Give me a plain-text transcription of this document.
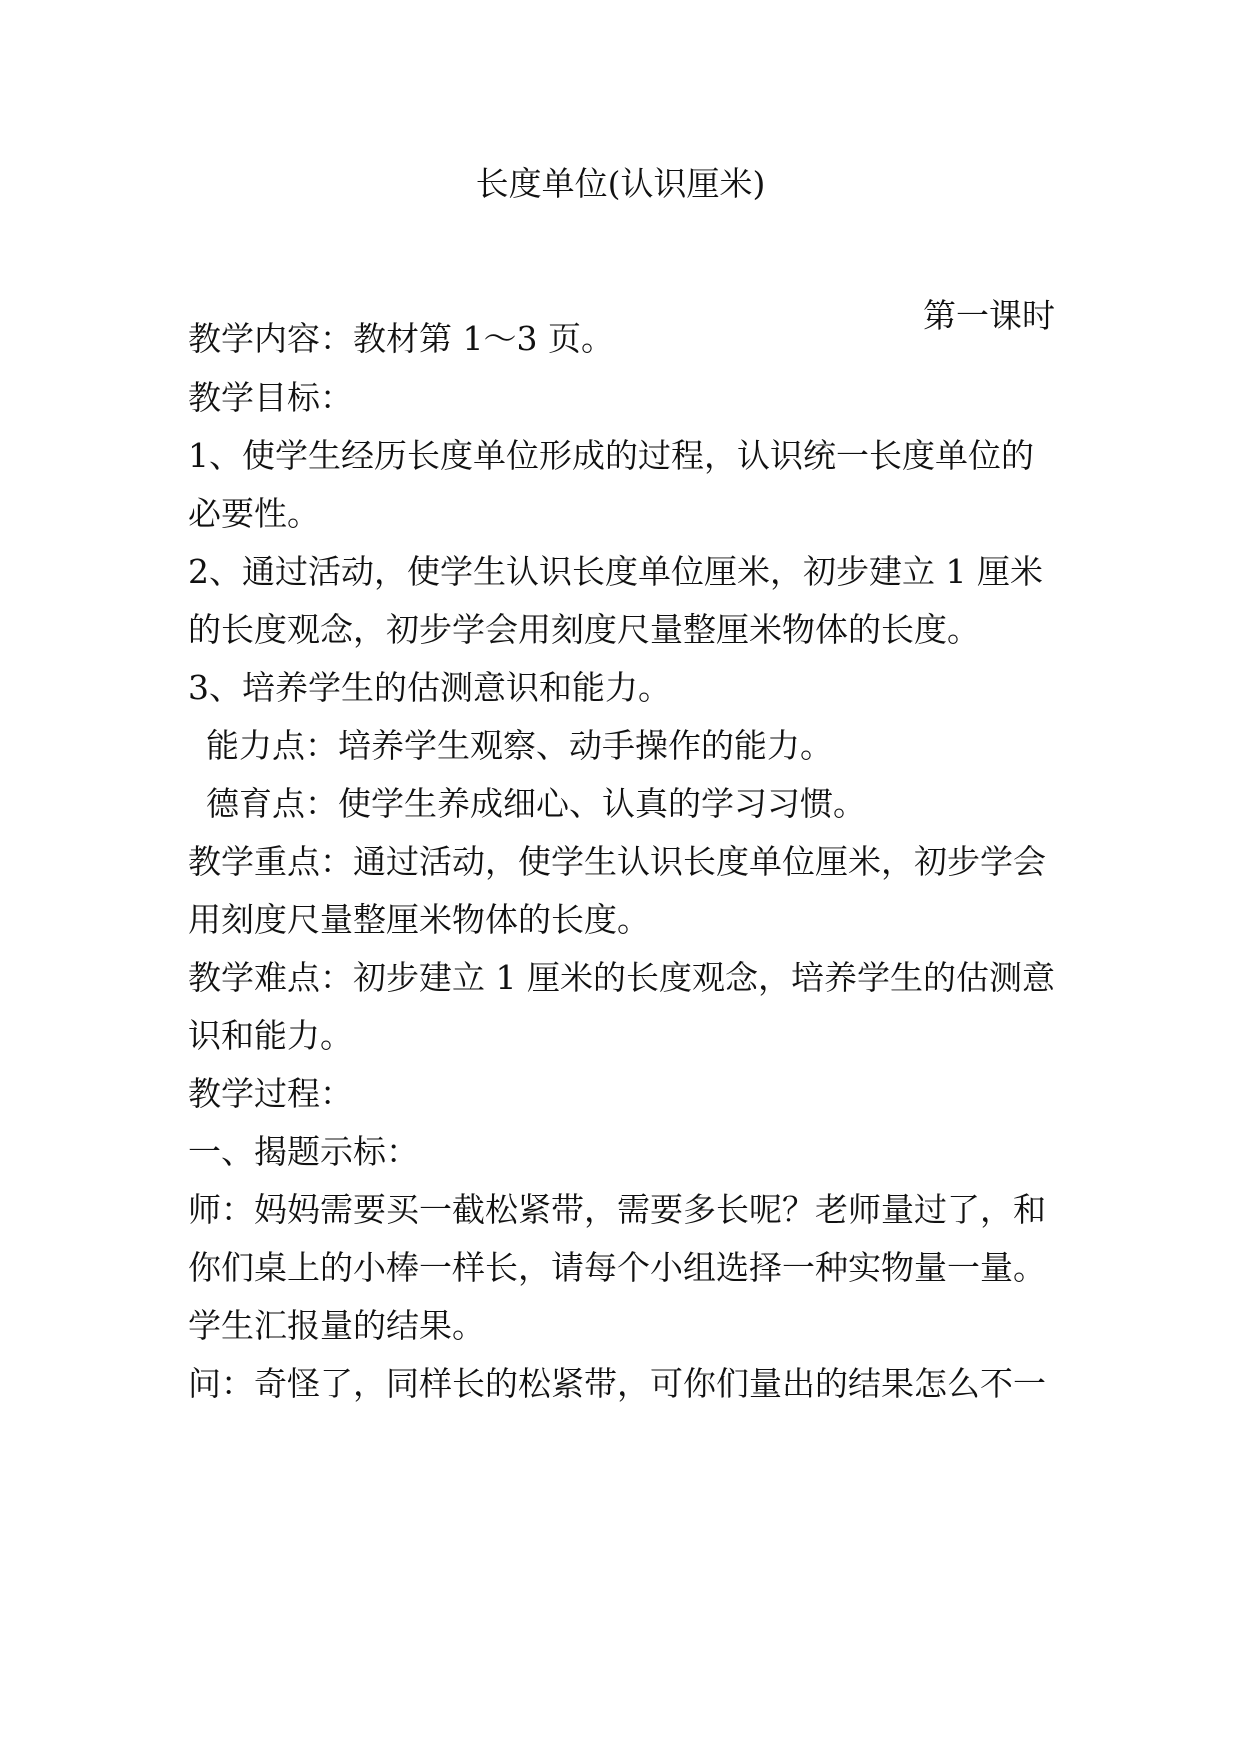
长度单位(认识厘米)
第一课时
教学内容：教材第 1～3 页。
教学目标：
1、使学生经历长度单位形成的过程，认识统一长度单位的
必要性。
2、通过活动，使学生认识长度单位厘米，初步建立 1 厘米
的长度观念，初步学会用刻度尺量整厘米物体的长度。
3、培养学生的估测意识和能力。
能力点：培养学生观察、动手操作的能力。
德育点：使学生养成细心、认真的学习习惯。
教学重点：通过活动，使学生认识长度单位厘米，初步学会
用刻度尺量整厘米物体的长度。
教学难点：初步建立 1 厘米的长度观念，培养学生的估测意
识和能力。
教学过程：
一、揭题示标：
师：妈妈需要买一截松紧带，需要多长呢？老师量过了，和
你们桌上的小棒一样长，请每个小组选择一种实物量一量。
学生汇报量的结果。
问：奇怪了，同样长的松紧带，可你们量出的结果怎么不一
